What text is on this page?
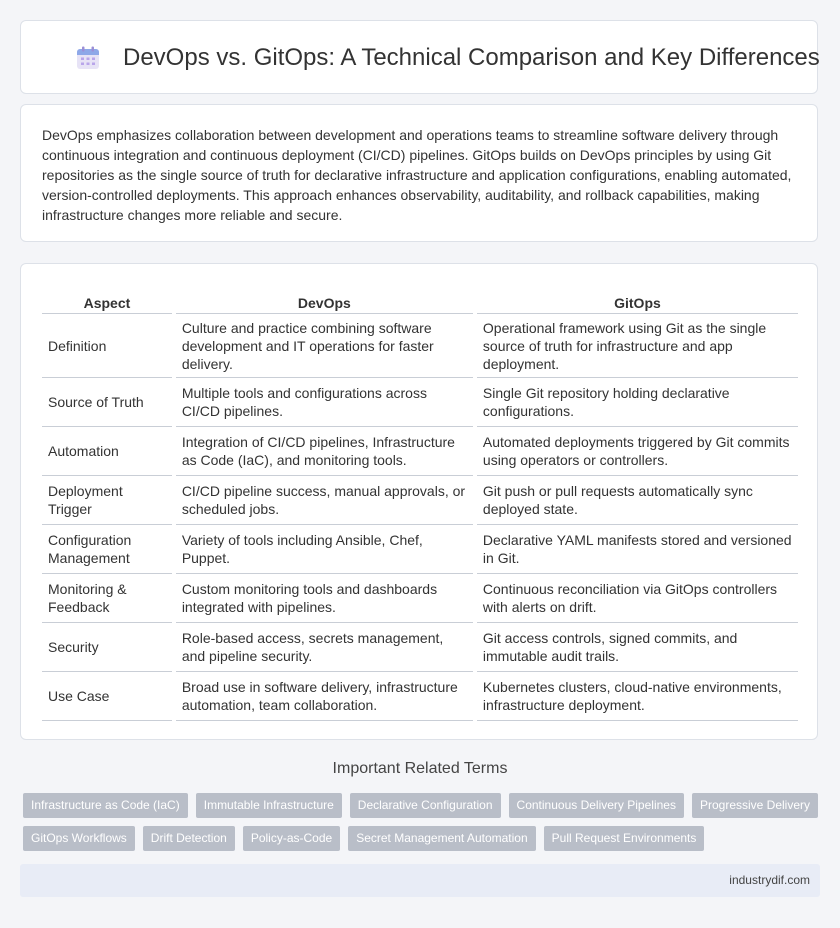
DevOps vs. GitOps: A Technical Comparison and Key Differences

DevOps emphasizes collaboration between development and operations teams to streamline software delivery through continuous integration and continuous deployment (CI/CD) pipelines. GitOps builds on DevOps principles by using Git repositories as the single source of truth for declarative infrastructure and application configurations, enabling automated, version-controlled deployments. This approach enhances observability, auditability, and rollback capabilities, making infrastructure changes more reliable and secure.

Aspect		DevOps		GitOps
Definition		Culture and practice combining software development and IT operations for faster delivery.		Operational framework using Git as the single source of truth for infrastructure and app deployment.
Source of Truth		Multiple tools and configurations across CI/CD pipelines.		Single Git repository holding declarative configurations.
Automation		Integration of CI/CD pipelines, Infrastructure as Code (IaC), and monitoring tools.		Automated deployments triggered by Git commits using operators or controllers.
Deployment Trigger		CI/CD pipeline success, manual approvals, or scheduled jobs.		Git push or pull requests automatically sync deployed state.
Configuration Management		Variety of tools including Ansible, Chef, Puppet.		Declarative YAML manifests stored and versioned in Git.
Monitoring & Feedback		Custom monitoring tools and dashboards integrated with pipelines.		Continuous reconciliation via GitOps controllers with alerts on drift.
Security		Role-based access, secrets management, and pipeline security.		Git access controls, signed commits, and immutable audit trails.
Use Case		Broad use in software delivery, infrastructure automation, team collaboration.		Kubernetes clusters, cloud-native environments, infrastructure deployment.
Important Related Terms
Infrastructure as Code (IaC)	Immutable Infrastructure	Declarative Configuration	Continuous Delivery Pipelines	Progressive Delivery
GitOps Workflows	Drift Detection	Policy-as-Code	Secret Management Automation	Pull Request Environments
industrydif.com
